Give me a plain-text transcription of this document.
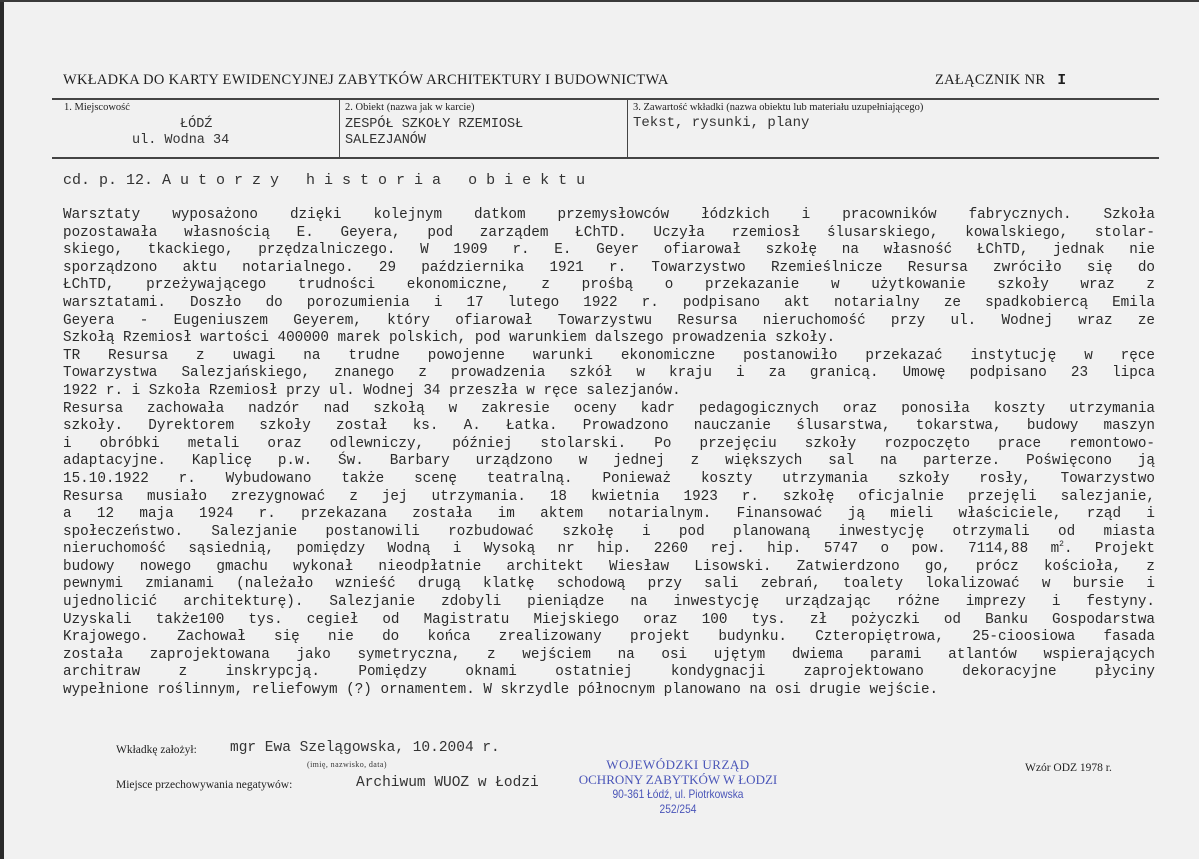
WKŁADKA DO KARTY EWIDENCYJNEJ ZABYTKÓW ARCHITEKTURY I BUDOWNICTWA	ZAŁĄCZNIK NR I
1. Miejscowość
ŁÓDŹ
ul. Wodna 34
2. Obiekt (nazwa jak w karcie)
ZESPÓŁ SZKOŁY RZEMIOSŁ
SALEZJANÓW
3. Zawartość wkładki (nazwa obiektu lub materiału uzupełniającego)
Tekst, rysunki, plany
cd. p. 12. A u t o r z y   h i s t o r i a   o b i e k t u
Warsztaty wyposażono dzięki kolejnym datkom przemysłowców łódzkich i pracowników fabrycznych. Szkoła
pozostawała własnością E. Geyera, pod zarządem ŁChTD. Uczyła rzemiosł ślusarskiego, kowalskiego, stolar-
skiego, tkackiego, przędzalniczego. W 1909 r. E. Geyer ofiarował szkołę na własność ŁChTD, jednak nie
sporządzono aktu notarialnego. 29 października 1921 r. Towarzystwo Rzemieślnicze Resursa zwróciło się do
ŁChTD, przeżywającego trudności ekonomiczne, z prośbą o przekazanie w użytkowanie szkoły wraz z
warsztatami. Doszło do porozumienia i 17 lutego 1922 r. podpisano akt notarialny ze spadkobiercą Emila
Geyera - Eugeniuszem Geyerem, który ofiarował Towarzystwu Resursa nieruchomość przy ul. Wodnej wraz ze
Szkołą Rzemiosł wartości 400000 marek polskich, pod warunkiem dalszego prowadzenia szkoły.
TR Resursa z uwagi na trudne powojenne warunki ekonomiczne postanowiło przekazać instytucję w ręce
Towarzystwa Salezjańskiego, znanego z prowadzenia szkół w kraju i za granicą. Umowę podpisano 23 lipca
1922 r. i Szkoła Rzemiosł przy ul. Wodnej 34 przeszła w ręce salezjanów.
Resursa zachowała nadzór nad szkołą w zakresie oceny kadr pedagogicznych oraz ponosiła koszty utrzymania
szkoły. Dyrektorem szkoły został ks. A. Łatka. Prowadzono nauczanie ślusarstwa, tokarstwa, budowy maszyn
i obróbki metali oraz odlewniczy, później stolarski. Po przejęciu szkoły rozpoczęto prace remontowo-
adaptacyjne. Kaplicę p.w. Św. Barbary urządzono w jednej z większych sal na parterze. Poświęcono ją
15.10.1922 r. Wybudowano także scenę teatralną. Ponieważ koszty utrzymania szkoły rosły, Towarzystwo
Resursa musiało zrezygnować z jej utrzymania. 18 kwietnia 1923 r. szkołę oficjalnie przejęli salezjanie,
a 12 maja 1924 r. przekazana została im aktem notarialnym. Finansować ją mieli właściciele, rząd i
społeczeństwo. Salezjanie postanowili rozbudować szkołę i pod planowaną inwestycję otrzymali od miasta
nieruchomość sąsiednią, pomiędzy Wodną i Wysoką nr hip. 2260 rej. hip. 5747 o pow. 7114,88 $m^2$. Projekt
budowy nowego gmachu wykonał nieodpłatnie architekt Wiesław Lisowski. Zatwierdzono go, prócz kościoła, z
pewnymi zmianami (należało wznieść drugą klatkę schodową przy sali zebrań, toalety lokalizować w bursie i
ujednolicić architekturę). Salezjanie zdobyli pieniądze na inwestycję urządzając różne imprezy i festyny.
Uzyskali także100 tys. cegieł od Magistratu Miejskiego oraz 100 tys. zł pożyczki od Banku Gospodarstwa
Krajowego. Zachował się nie do końca zrealizowany projekt budynku. Czteropiętrowa, 25-cioosiowa fasada
została zaprojektowana jako symetryczna, z wejściem na osi ujętym dwiema parami atlantów wspierających
architraw z inskrypcją. Pomiędzy oknami ostatniej kondygnacji zaprojektowano dekoracyjne płyciny
wypełnione roślinnym, reliefowym (?) ornamentem. W skrzydle północnym planowano na osi drugie wejście.
Wkładkę założył: mgr Ewa Szelągowska, 10.2004 r.
(imię, nazwisko, data)
Miejsce przechowywania negatywów:	Archiwum WUOZ w Łodzi
WOJEWÓDZKI URZĄD
OCHRONY ZABYTKÓW W ŁODZI
90-361 Łódź, ul. Piotrkowska 252/254
Wzór ODZ 1978 r.
